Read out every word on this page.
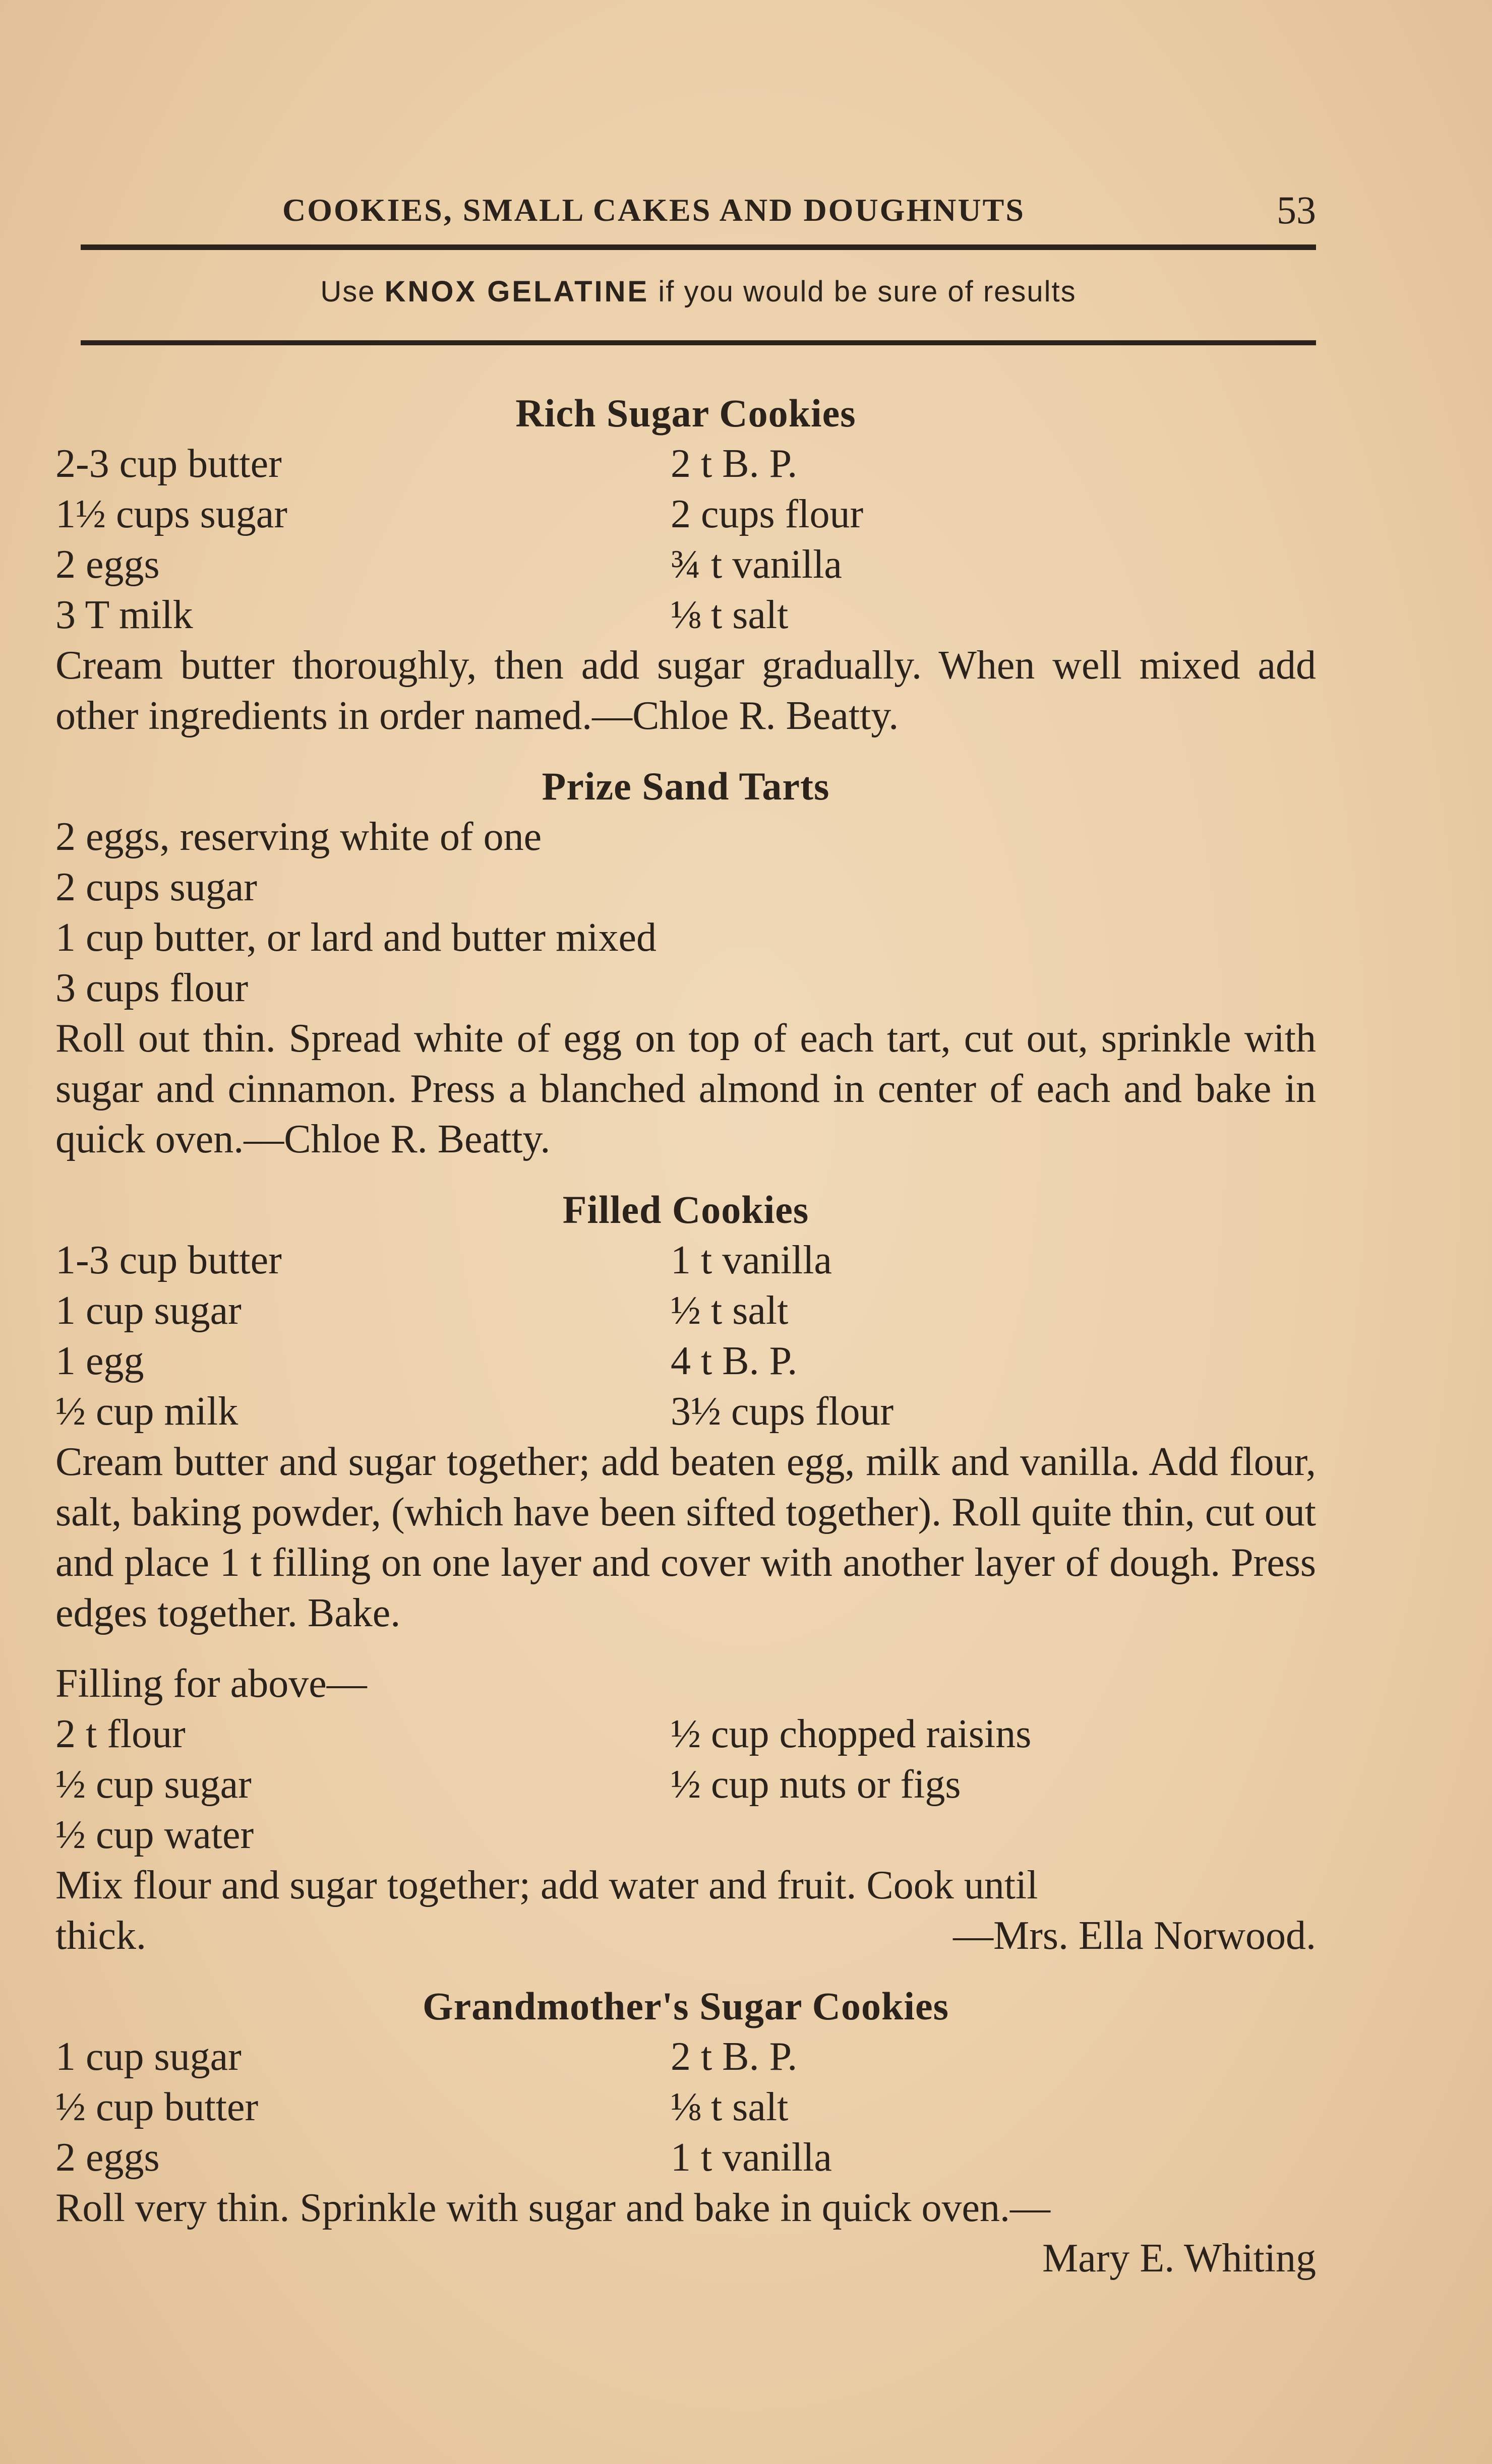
COOKIES, SMALL CAKES AND DOUGHNUTS	53
Use KNOX GELATINE if you would be sure of results
Rich Sugar Cookies
2-3 cup butter	2 t B. P.
1½ cups sugar	2 cups flour
2 eggs	¾ t vanilla
3 T milk	⅛ t salt
Cream butter thoroughly, then add sugar gradually. When well mixed add other ingredients in order named.—Chloe R. Beatty.
Prize Sand Tarts
2 eggs, reserving white of one
2 cups sugar
1 cup butter, or lard and butter mixed
3 cups flour
Roll out thin. Spread white of egg on top of each tart, cut out, sprinkle with sugar and cinnamon. Press a blanched almond in center of each and bake in quick oven.—Chloe R. Beatty.
Filled Cookies
1-3 cup butter	1 t vanilla
1 cup sugar	½ t salt
1 egg	4 t B. P.
½ cup milk	3½ cups flour
Cream butter and sugar together; add beaten egg, milk and vanilla. Add flour, salt, baking powder, (which have been sifted together). Roll quite thin, cut out and place 1 t filling on one layer and cover with another layer of dough. Press edges together. Bake.
Filling for above—
2 t flour	½ cup chopped raisins
½ cup sugar	½ cup nuts or figs
½ cup water
Mix flour and sugar together; add water and fruit. Cook until
thick.	—Mrs. Ella Norwood.
Grandmother's Sugar Cookies
1 cup sugar	2 t B. P.
½ cup butter	⅛ t salt
2 eggs	1 t vanilla
Roll very thin. Sprinkle with sugar and bake in quick oven.—
Mary E. Whiting
